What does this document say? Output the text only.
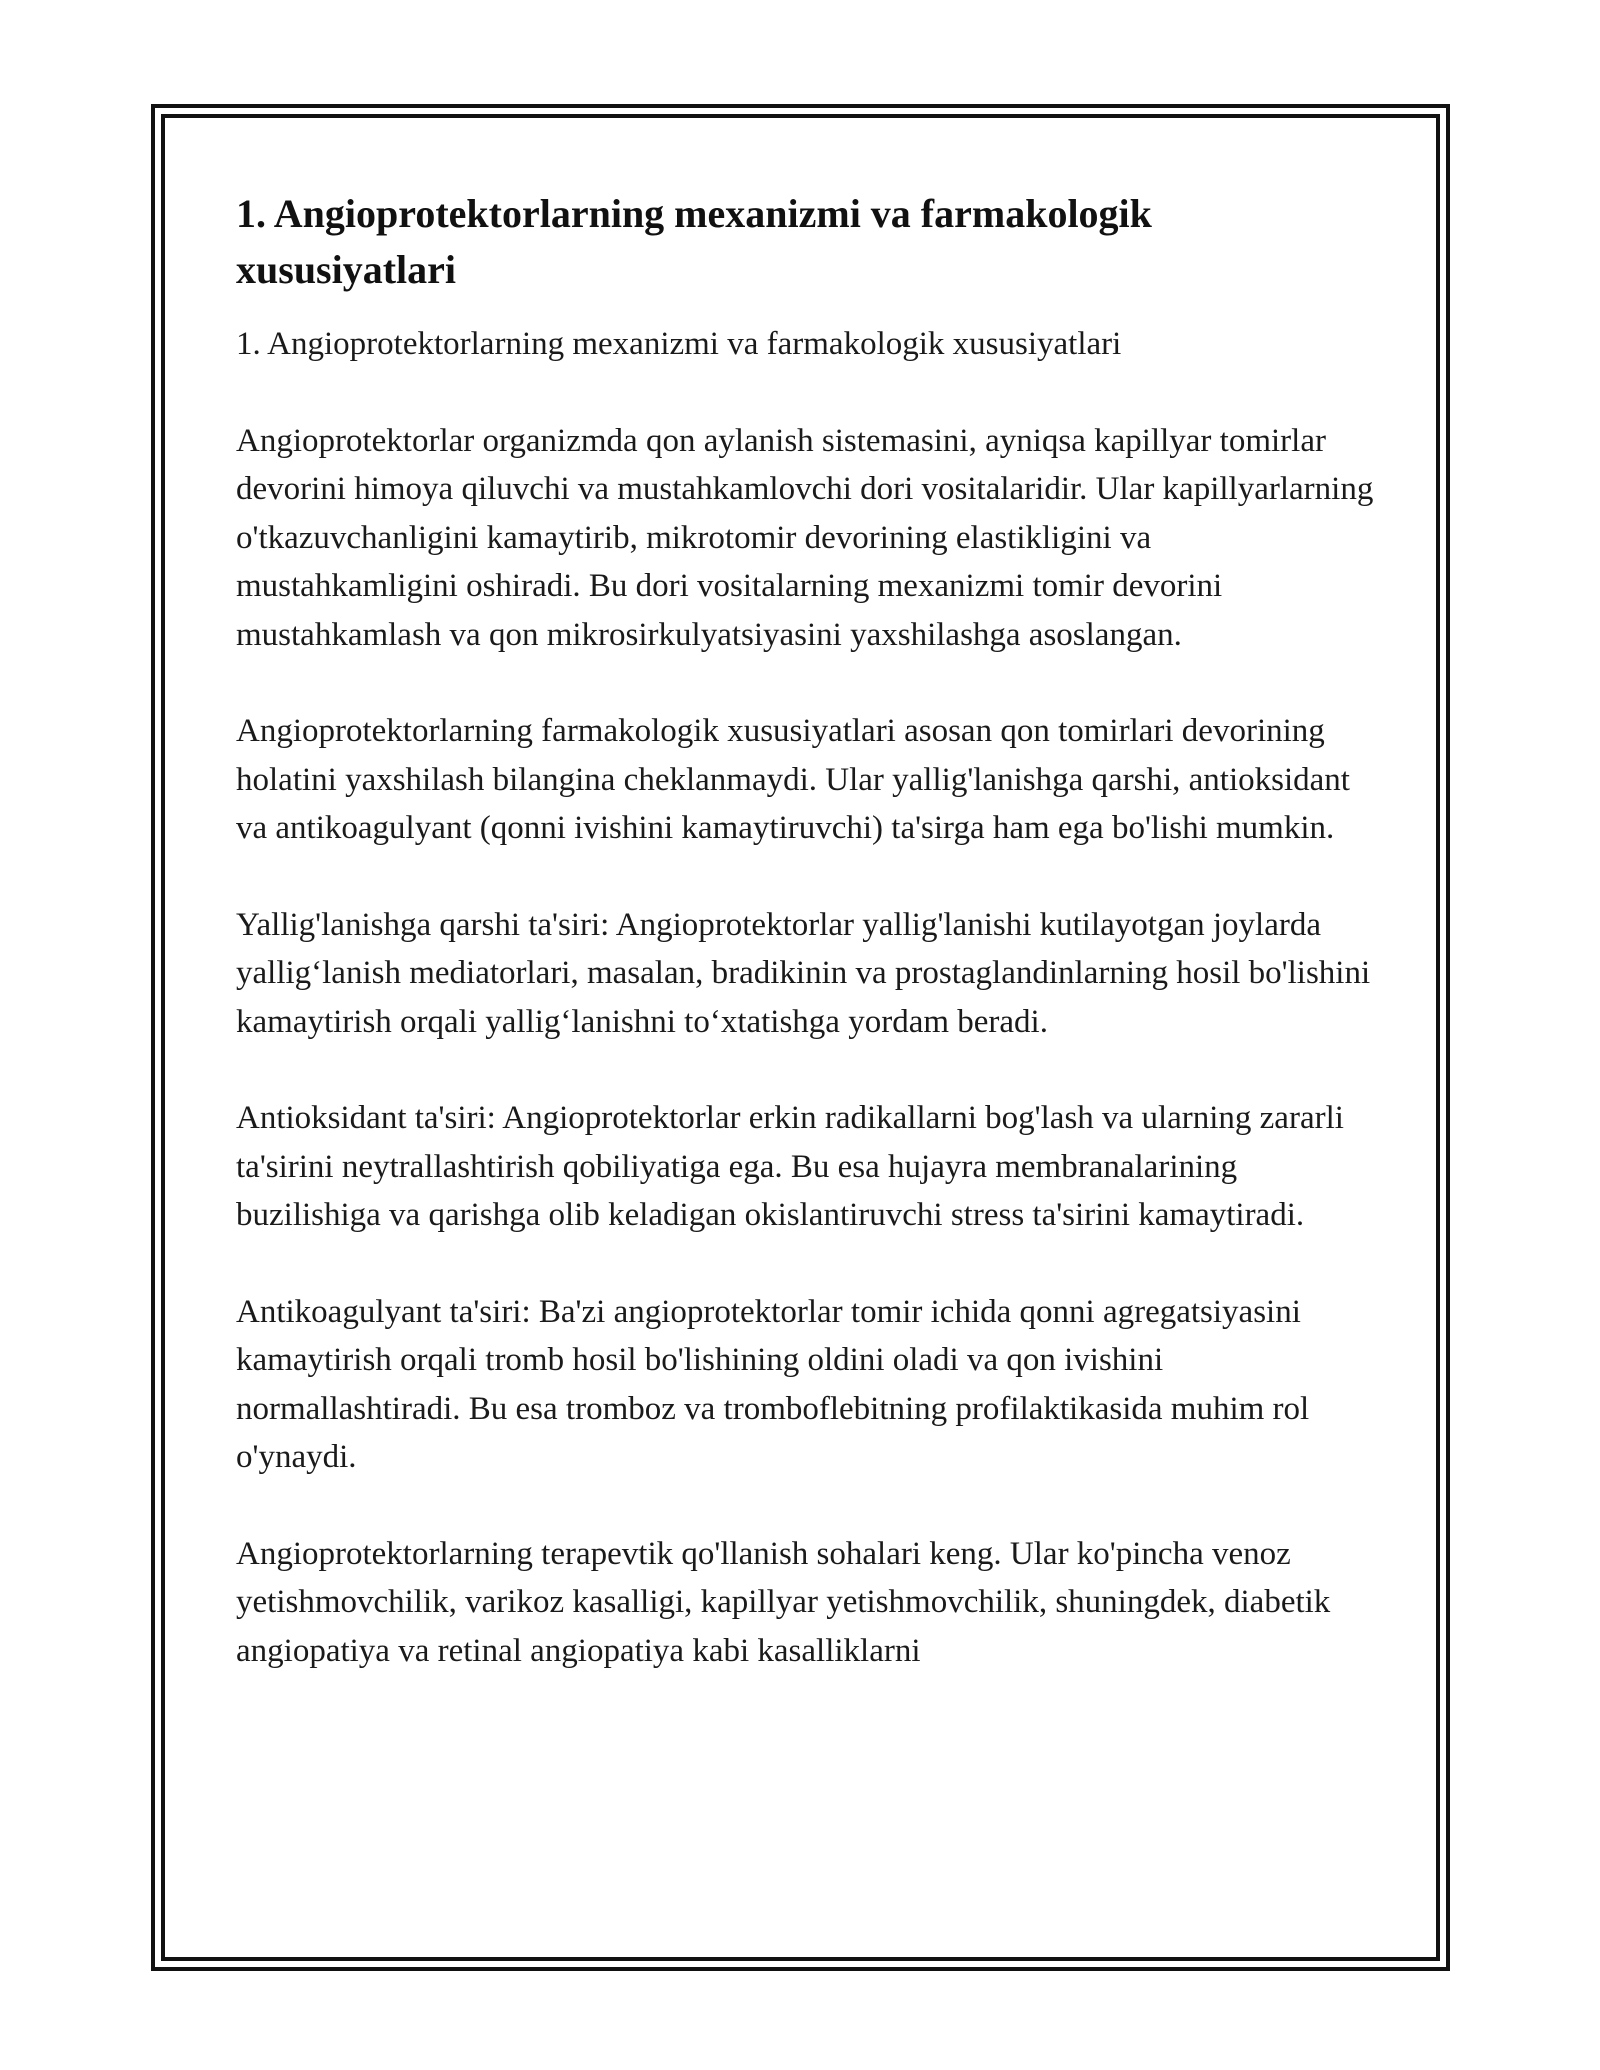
1. Angioprotektorlarning mexanizmi va farmakologik xususiyatlari

1. Angioprotektorlarning mexanizmi va farmakologik xususiyatlari

Angioprotektorlar organizmda qon aylanish sistemasini, ayniqsa kapillyar tomirlar devorini himoya qiluvchi va mustahkamlovchi dori vositalaridir. Ular kapillyarlarning o'tkazuvchanligini kamaytirib, mikrotomir devorining elastikligini va mustahkamligini oshiradi. Bu dori vositalarning mexanizmi tomir devorini mustahkamlash va qon mikrosirkulyatsiyasini yaxshilashga asoslangan.

Angioprotektorlarning farmakologik xususiyatlari asosan qon tomirlari devorining holatini yaxshilash bilangina cheklanmaydi. Ular yallig'lanishga qarshi, antioksidant va antikoagulyant (qonni ivishini kamaytiruvchi) ta'sirga ham ega bo'lishi mumkin.

Yallig'lanishga qarshi ta'siri: Angioprotektorlar yallig'lanishi kutilayotgan joylarda yallig‘lanish mediatorlari, masalan, bradikinin va prostaglandinlarning hosil bo'lishini kamaytirish orqali yallig‘lanishni to‘xtatishga yordam beradi.

Antioksidant ta'siri: Angioprotektorlar erkin radikallarni bog'lash va ularning zararli ta'sirini neytrallashtirish qobiliyatiga ega. Bu esa hujayra membranalarining buzilishiga va qarishga olib keladigan okislantiruvchi stress ta'sirini kamaytiradi.

Antikoagulyant ta'siri: Ba'zi angioprotektorlar tomir ichida qonni agregatsiyasini kamaytirish orqali tromb hosil bo'lishining oldini oladi va qon ivishini normallashtiradi. Bu esa tromboz va tromboflebitning profilaktikasida muhim rol o'ynaydi.

Angioprotektorlarning terapevtik qo'llanish sohalari keng. Ular ko'pincha venoz yetishmovchilik, varikoz kasalligi, kapillyar yetishmovchilik, shuningdek, diabetik angiopatiya va retinal angiopatiya kabi kasalliklarni
